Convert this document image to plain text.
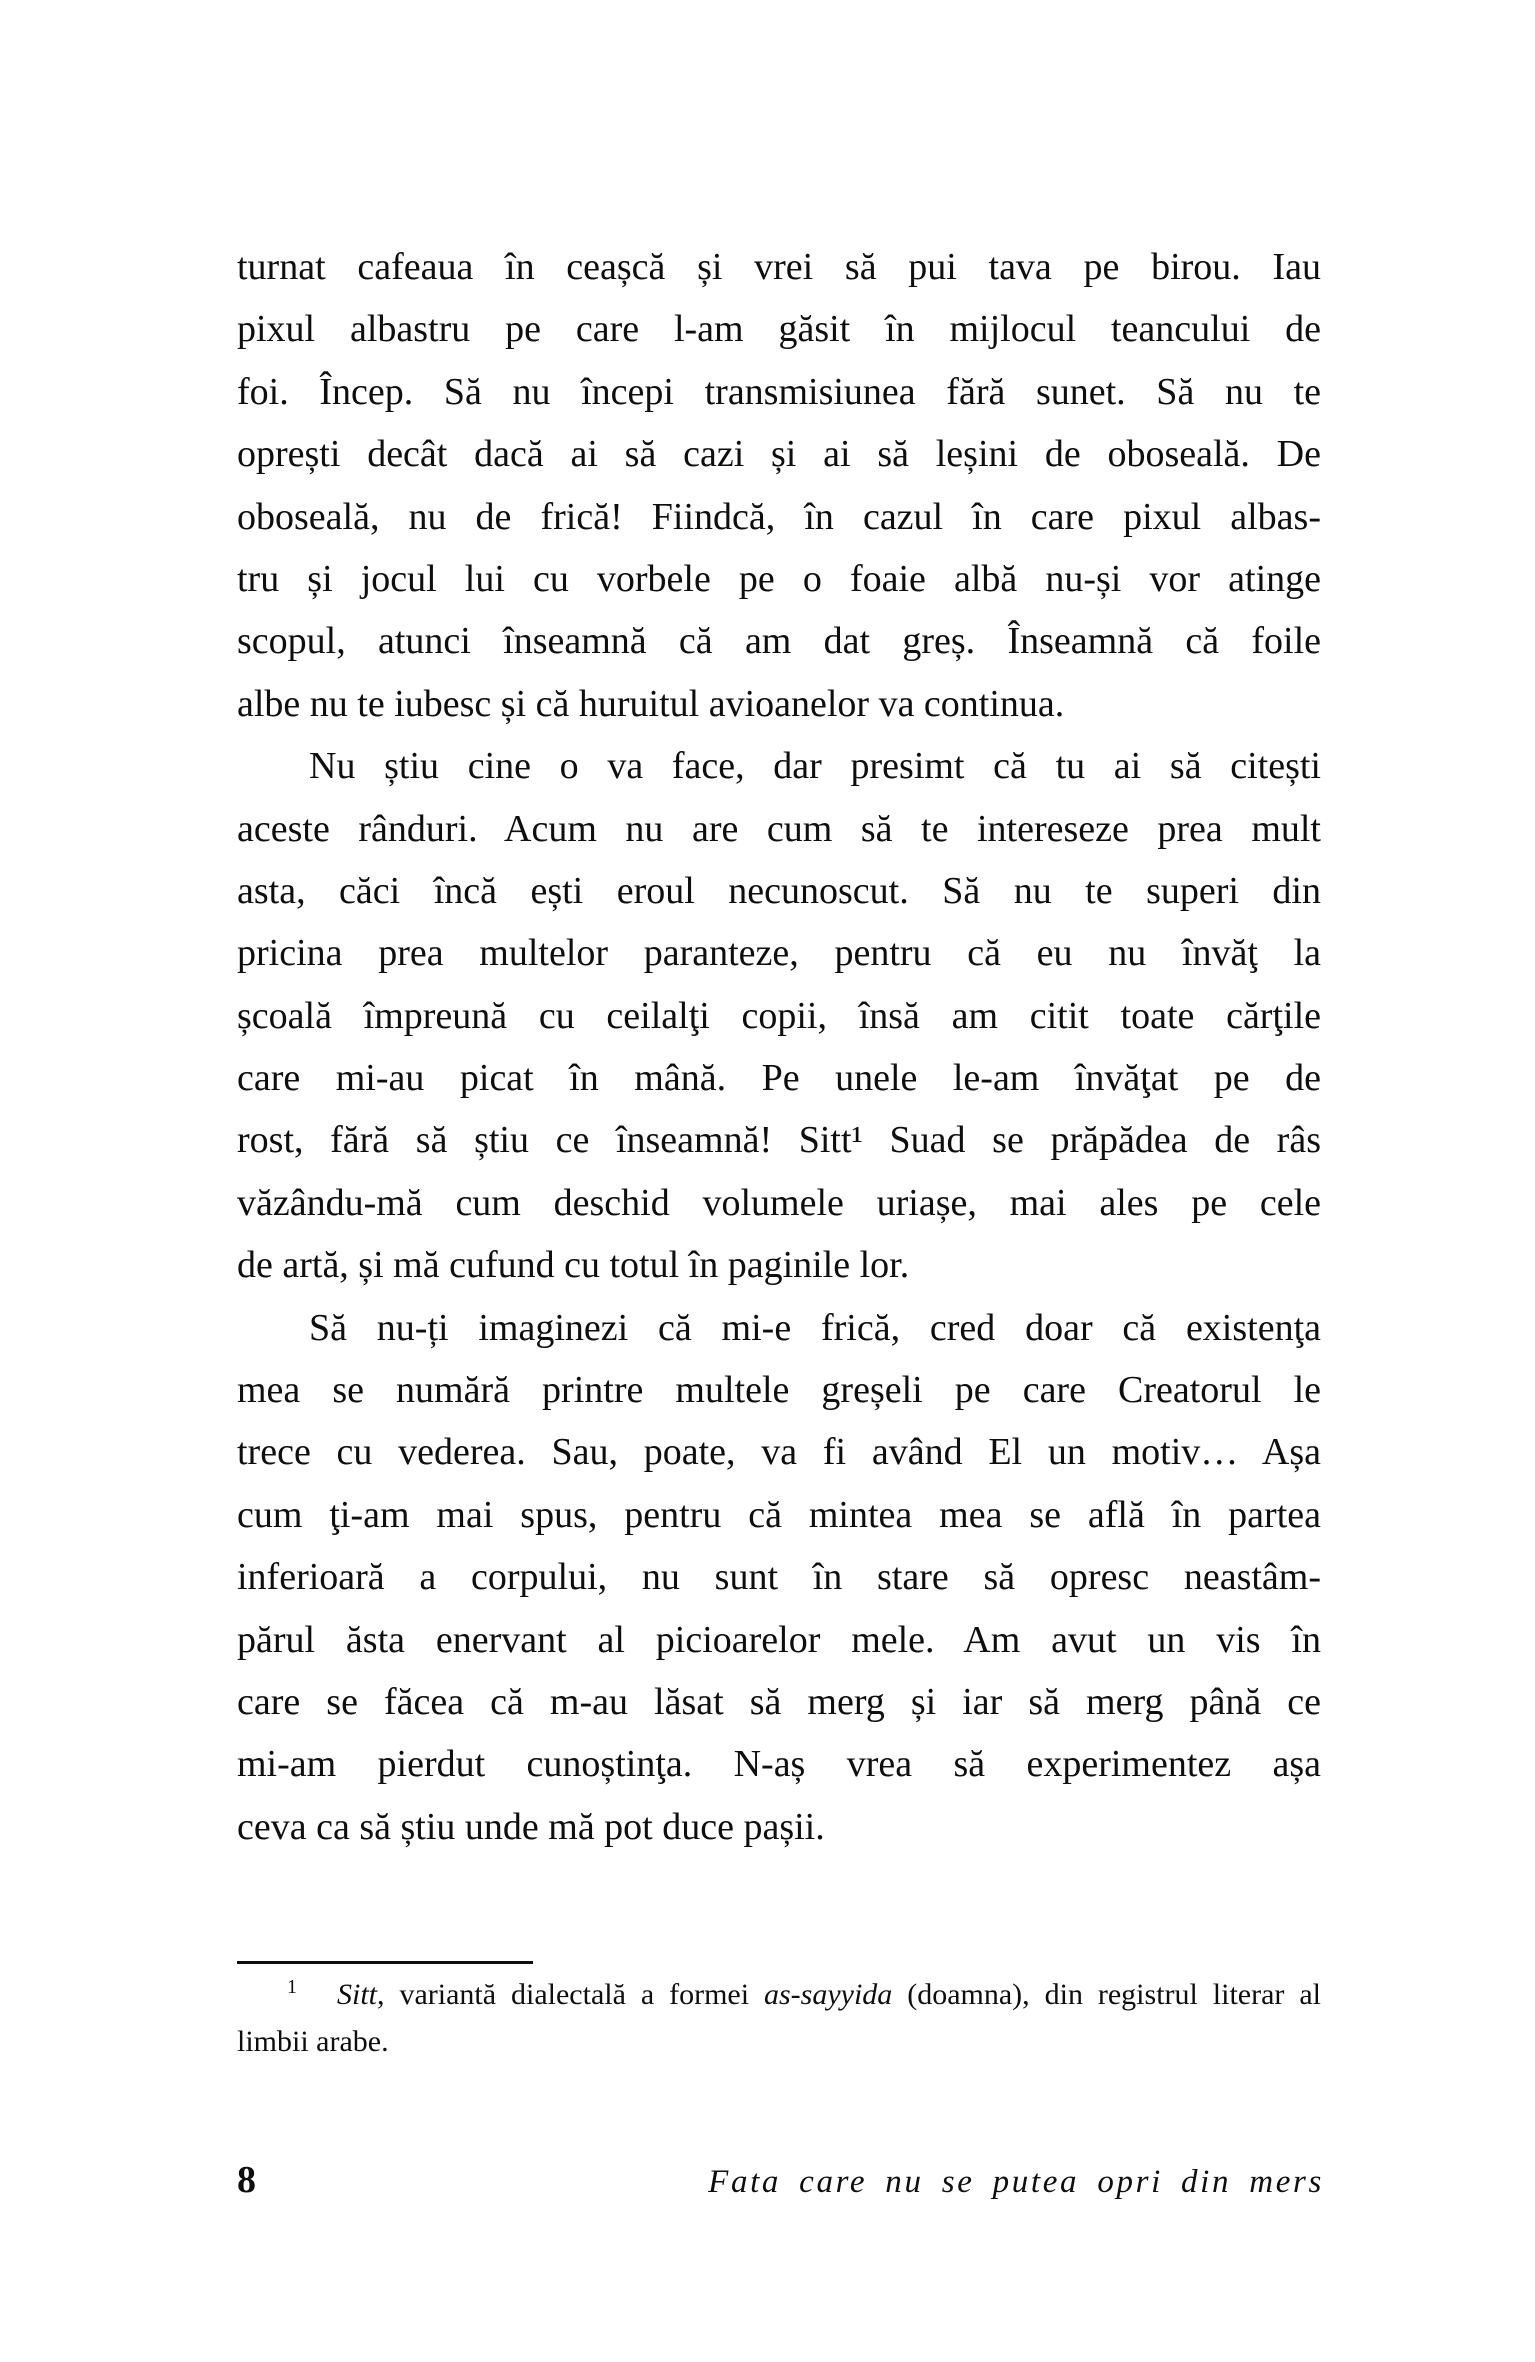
turnat cafeaua în ceașcă și vrei să pui tava pe birou. Iau
pixul albastru pe care l-am găsit în mijlocul teancului de
foi. Încep. Să nu începi transmisiunea fără sunet. Să nu te
oprești decât dacă ai să cazi și ai să leșini de oboseală. De
oboseală, nu de frică! Fiindcă, în cazul în care pixul albas-
tru și jocul lui cu vorbele pe o foaie albă nu-și vor atinge
scopul, atunci înseamnă că am dat greș. Înseamnă că foile
albe nu te iubesc și că huruitul avioanelor va continua.
Nu știu cine o va face, dar presimt că tu ai să citești
aceste rânduri. Acum nu are cum să te intereseze prea mult
asta, căci încă ești eroul necunoscut. Să nu te superi din
pricina prea multelor paranteze, pentru că eu nu învăţ la
școală împreună cu ceilalţi copii, însă am citit toate cărţile
care mi-au picat în mână. Pe unele le-am învăţat pe de
rost, fără să știu ce înseamnă! Sitt¹ Suad se prăpădea de râs
văzându-mă cum deschid volumele uriașe, mai ales pe cele
de artă, și mă cufund cu totul în paginile lor.
Să nu-ți imaginezi că mi-e frică, cred doar că existenţa
mea se numără printre multele greșeli pe care Creatorul le
trece cu vederea. Sau, poate, va fi având El un motiv… Așa
cum ţi-am mai spus, pentru că mintea mea se află în partea
inferioară a corpului, nu sunt în stare să opresc neastâm-
părul ăsta enervant al picioarelor mele. Am avut un vis în
care se făcea că m-au lăsat să merg și iar să merg până ce
mi-am pierdut cunoștinţa. N-aș vrea să experimentez așa
ceva ca să știu unde mă pot duce pașii.
$^1$ Sitt, variantă dialectală a formei as-sayyida (doamna), din registrul literar al
limbii arabe.
8	Fata care nu se putea opri din mers
